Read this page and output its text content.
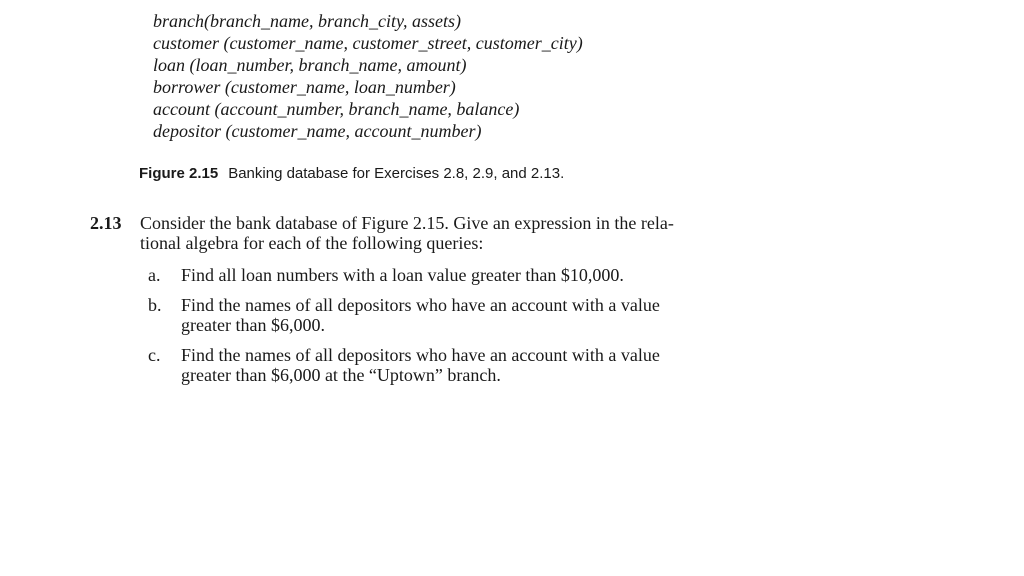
branch(branch_name, branch_city, assets)
customer (customer_name, customer_street, customer_city)
loan (loan_number, branch_name, amount)
borrower (customer_name, loan_number)
account (account_number, branch_name, balance)
depositor (customer_name, account_number)
Figure 2.15 Banking database for Exercises 2.8, 2.9, and 2.13.
2.13 Consider the bank database of Figure 2.15. Give an expression in the rela-
tional algebra for each of the following queries:
a. Find all loan numbers with a loan value greater than $10,000.
b. Find the names of all depositors who have an account with a value
greater than $6,000.
c. Find the names of all depositors who have an account with a value
greater than $6,000 at the “Uptown” branch.
